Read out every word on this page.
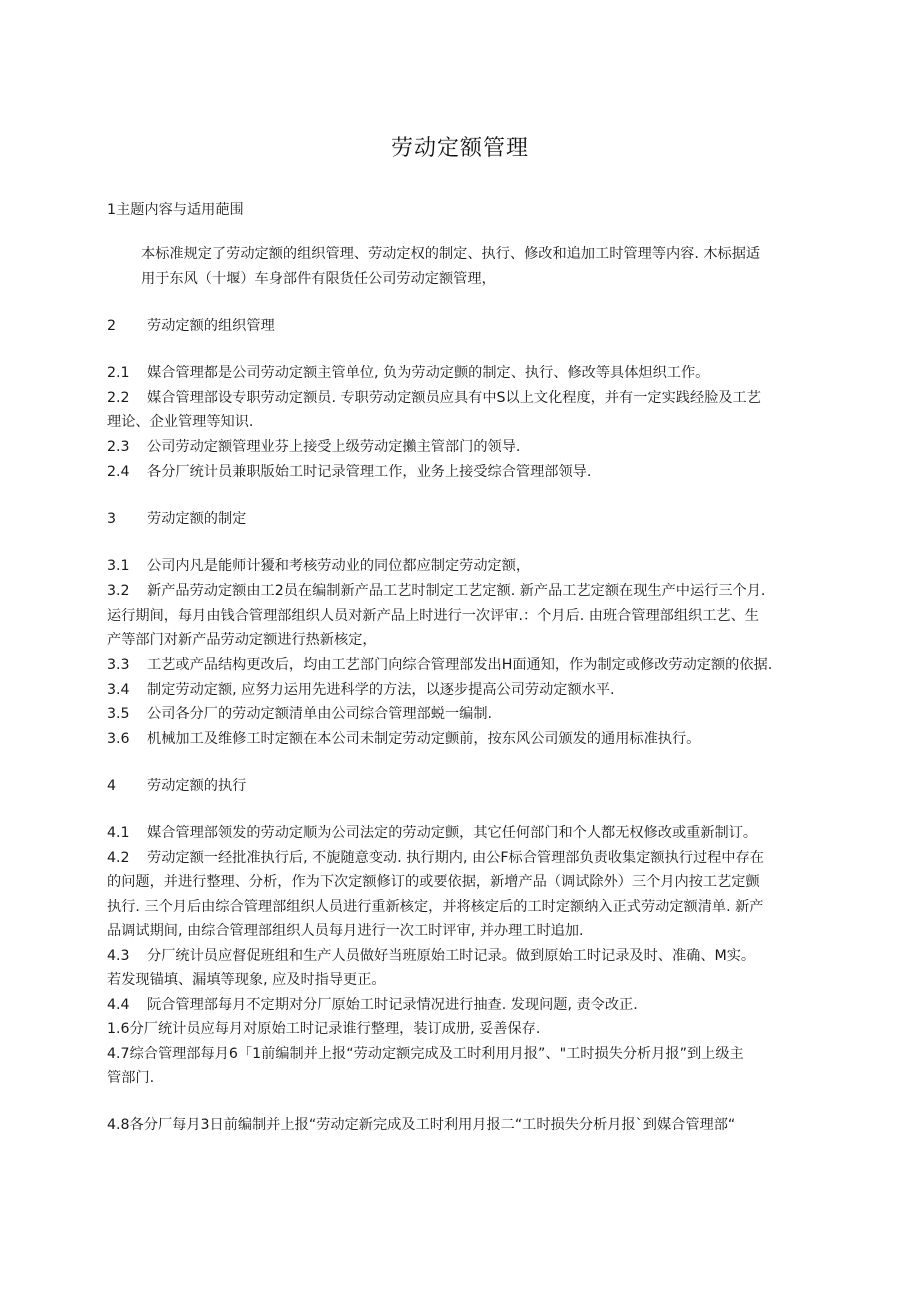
劳动定额管理
1主题内容与适用葩围
本标准规定了劳动定额的组织管理、劳动定权的制定、执行、修改和追加工时管理等内容. 木标据适
用于东风（十堰）车身部件有限货任公司劳动定额管理，
2 劳动定额的组织管理
2.1 媒合管理都是公司劳动定额主管单位, 负为劳动定颤的制定、执行、修改等具体炟织工作。
2.2 媒合管理部设专职劳动定额员. 专职劳动定额员应具有中S以上文化程度，并有一定实践经脸及工艺
理论、企业管理等知识.
2.3 公司劳动定额管理业芬上接受上级劳动定攋主管部门的领导.
2.4 各分厂统计员兼职版始工时记录管理工作，业务上接受综合管理部领导.
3 劳动定额的制定
3.1 公司内凡是能师计獶和考核劳动业的同位都应制定劳动定额，
3.2 新产品劳动定额由工2员在编制新产品工艺时制定工艺定额. 新产品工艺定额在现生产中运行三个月.
运行期间，每月由钱合管理部组织人员对新产品上时进行一次评审.：个月后. 由班合管理部组织工艺、生
产等部门对新产品劳动定额进行热新核定，
3.3 工艺或产品结构更改后，均由工艺部门向综合管理部发出H面通知，作为制定或修改劳动定额的依据.
3.4 制定劳动定额, 应努力运用先进科学的方法，以逐步提高公司劳动定额水平.
3.5 公司各分厂的劳动定额清单由公司综合管理部蜕一编制.
3.6 机械加工及维修工时定额在本公司未制定劳动定颤前，按东风公司颁发的通用标准执行。
4 劳动定额的执行
4.1 媒合管理部领发的劳动定顺为公司法定的劳动定颤，其它任何部门和个人都无权修改或重新制订。
4.2 劳动定额一经批准执行后, 不旎随意变动. 执行期内, 由公F标合管理部负责收集定额执行过程中存在
的问题，并进行整理、分析，作为下次定额修订的或要依据，新增产品（调试除外）三个月内按工艺定颤
执行. 三个月后由综合管理部组织人员进行重新核定，并将核定后的工时定额纳入正式劳动定额清单. 新产
品调试期间, 由综合管理部组织人员每月进行一次工时评审, 并办理工时追加.
4.3 分厂统计员应督促班组和生产人员做好当班原始工时记录。做到原始工时记录及时、准确、M实。
若发现锚填、漏填等现象, 应及时指导更正。
4.4 阮合管理部每月不定期对分厂原始工时记录情况进行抽查. 发现问题, 责令改正.
1.6分厂统计员应每月对原始工时记录谁行整理，装订成册, 妥善保存.
4.7综合管理部每月6「1前编制并上报“劳动定额完成及工时利用月报”、"工时损失分析月报”到上级主
管部门.
4.8各分厂每月3日前编制并上报“劳动定新完成及工时利用月报二“工时损失分析月报`到媒合管理部“
